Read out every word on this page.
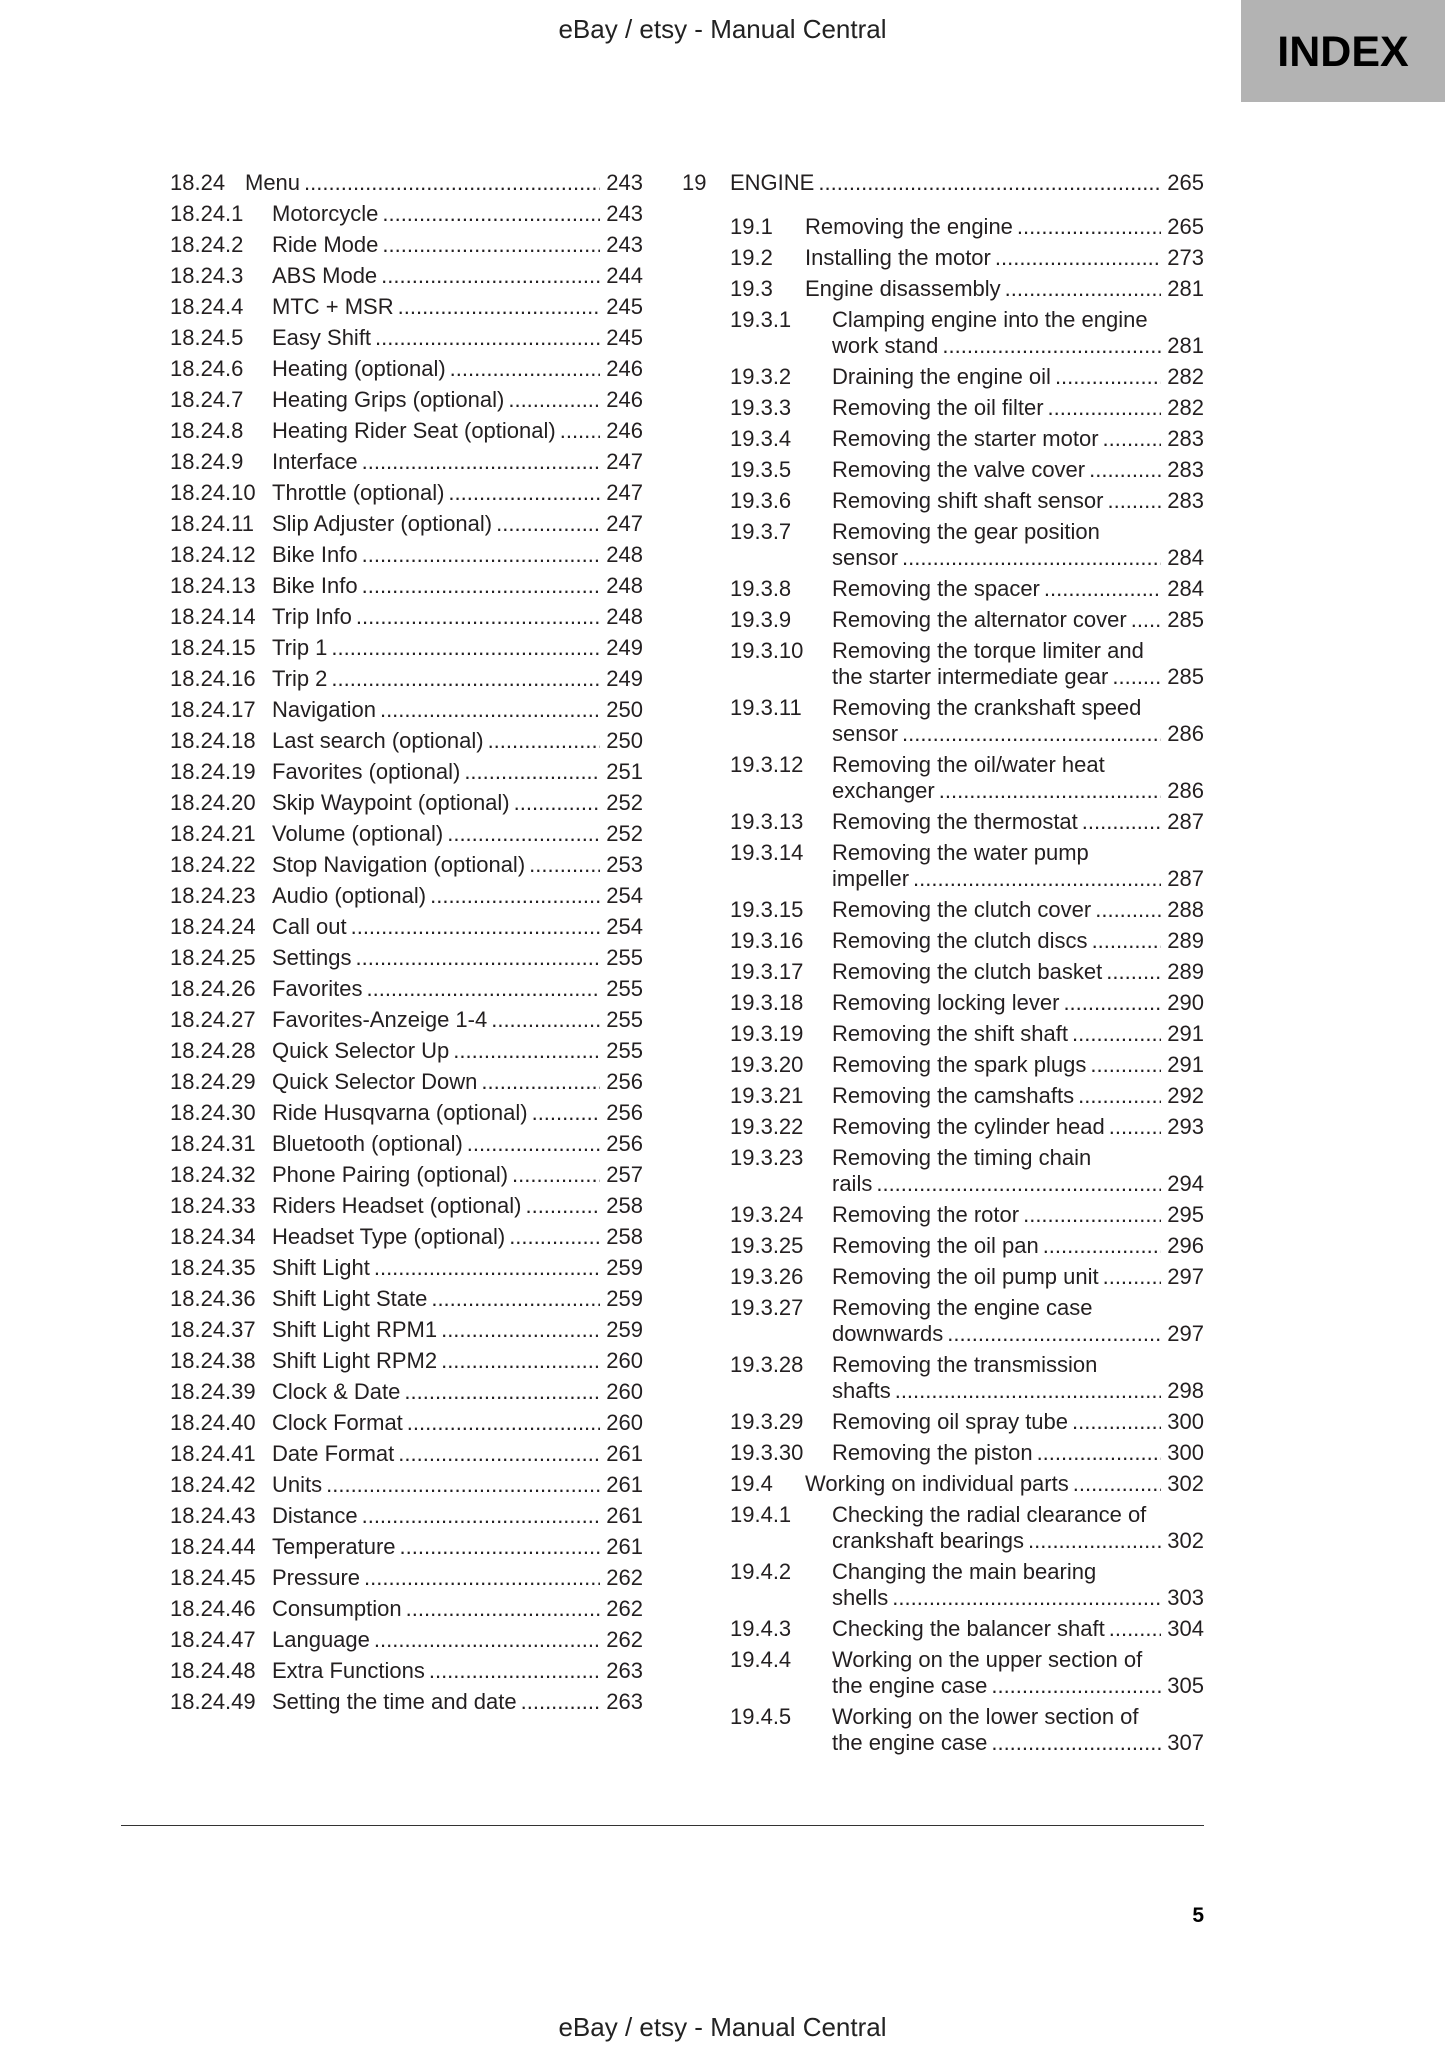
eBay / etsy - Manual Central	INDEX
18.24 Menu .....	243
18.24.1 Motorcycle .....	243
18.24.2 Ride Mode .....	243
18.24.3 ABS Mode .....	244
18.24.4 MTC + MSR .....	245
18.24.5 Easy Shift .....	245
18.24.6 Heating (optional) .....	246
18.24.7 Heating Grips (optional) .....	246
18.24.8 Heating Rider Seat (optional) ..... 246
18.24.9 Interface .....	247
18.24.10 Throttle (optional) .....	247
18.24.11 Slip Adjuster (optional) .....	247
18.24.12 Bike Info .....	248
18.24.13 Bike Info .....	248
18.24.14 Trip Info .....	248
18.24.15 Trip 1 .....	249
18.24.16 Trip 2 .....	249
18.24.17 Navigation .....	250
18.24.18 Last search (optional) .....	250
18.24.19 Favorites (optional) .....	251
18.24.20 Skip Waypoint (optional) .....	252
18.24.21 Volume (optional) .....	252
18.24.22 Stop Navigation (optional) .....	253
18.24.23 Audio (optional) .....	254
18.24.24 Call out .....	254
18.24.25 Settings .....	255
18.24.26 Favorites .....	255
18.24.27 Favorites-Anzeige 1-4 .....	255
18.24.28 Quick Selector Up .....	255
18.24.29 Quick Selector Down .....	256
18.24.30 Ride Husqvarna (optional) .....	256
18.24.31 Bluetooth (optional) .....	256
18.24.32 Phone Pairing (optional) .....	257
18.24.33 Riders Headset (optional) .....	258
18.24.34 Headset Type (optional) .....	258
18.24.35 Shift Light .....	259
18.24.36 Shift Light State .....	259
18.24.37 Shift Light RPM1 .....	259
18.24.38 Shift Light RPM2 .....	260
18.24.39 Clock & Date .....	260
18.24.40 Clock Format .....	260
18.24.41 Date Format .....	261
18.24.42 Units .....	261
18.24.43 Distance .....	261
18.24.44 Temperature .....	261
18.24.45 Pressure .....	262
18.24.46 Consumption .....	262
18.24.47 Language .....	262
18.24.48 Extra Functions .....	263
18.24.49 Setting the time and date .....	263
19 ENGINE .....	265
19.1 Removing the engine .....	265
19.2 Installing the motor .....	273
19.3 Engine disassembly .....	281
19.3.1 Clamping engine into the engine
work stand .....	281
19.3.2 Draining the engine oil .....	282
19.3.3 Removing the oil filter .....	282
19.3.4 Removing the starter motor .....	283
19.3.5 Removing the valve cover .....	283
19.3.6 Removing shift shaft sensor .....	283
19.3.7 Removing the gear position
sensor .....	284
19.3.8 Removing the spacer .....	284
19.3.9 Removing the alternator cover ..... 285
19.3.10 Removing the torque limiter and
the starter intermediate gear .....	285
19.3.11 Removing the crankshaft speed
sensor .....	286
19.3.12 Removing the oil/water heat
exchanger .....	286
19.3.13 Removing the thermostat .....	287
19.3.14 Removing the water pump
impeller .....	287
19.3.15 Removing the clutch cover .....	288
19.3.16 Removing the clutch discs .....	289
19.3.17 Removing the clutch basket .....	289
19.3.18 Removing locking lever .....	290
19.3.19 Removing the shift shaft .....	291
19.3.20 Removing the spark plugs .....	291
19.3.21 Removing the camshafts .....	292
19.3.22 Removing the cylinder head .....	293
19.3.23 Removing the timing chain
rails .....	294
19.3.24 Removing the rotor .....	295
19.3.25 Removing the oil pan .....	296
19.3.26 Removing the oil pump unit .....	297
19.3.27 Removing the engine case
downwards .....	297
19.3.28 Removing the transmission
shafts .....	298
19.3.29 Removing oil spray tube .....	300
19.3.30 Removing the piston .....	300
19.4 Working on individual parts .....	302
19.4.1 Checking the radial clearance of
crankshaft bearings .....	302
19.4.2 Changing the main bearing
shells .....	303
19.4.3 Checking the balancer shaft .....	304
19.4.4 Working on the upper section of
the engine case .....	305
19.4.5 Working on the lower section of
the engine case .....	307
5
eBay / etsy - Manual Central
